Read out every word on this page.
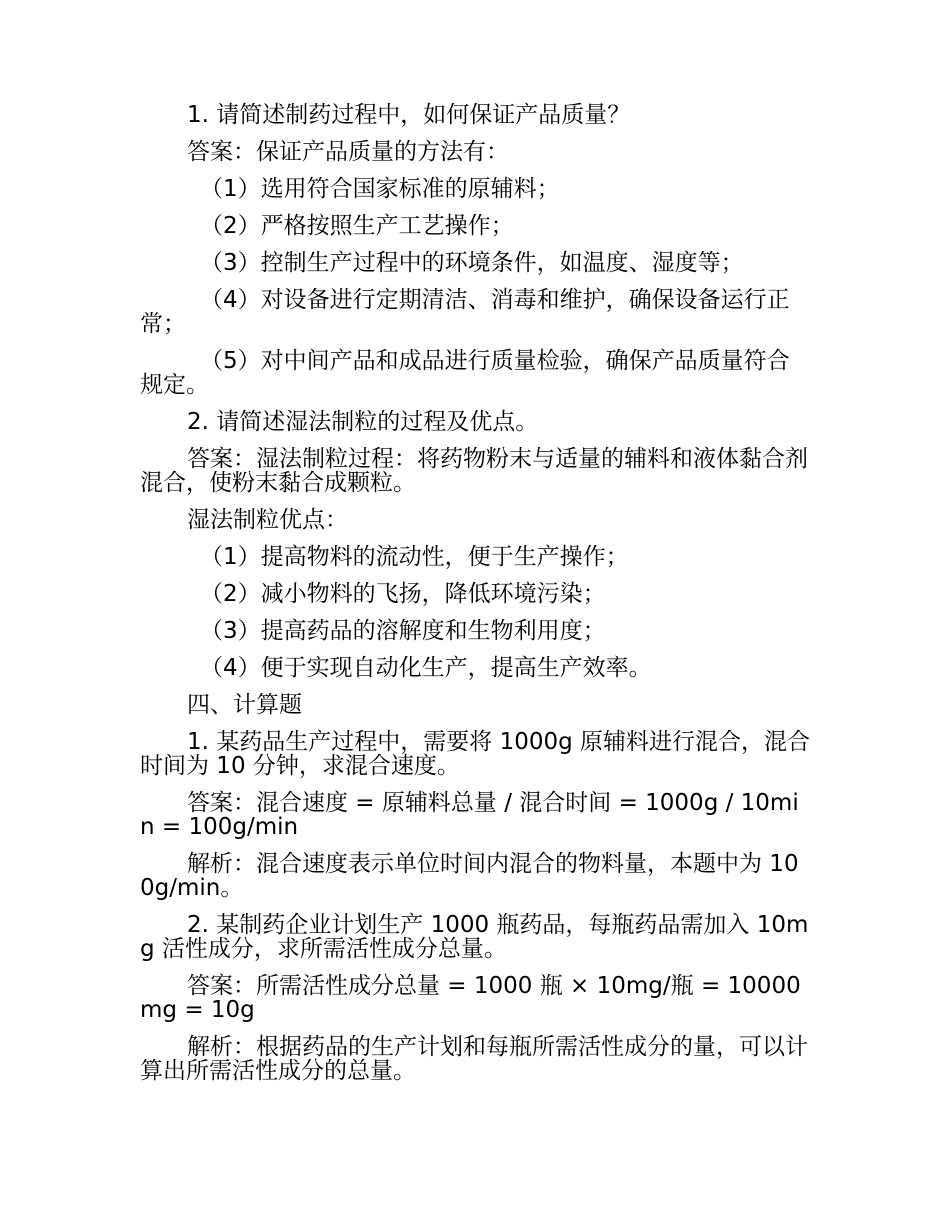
1. 请简述制药过程中，如何保证产品质量？

答案：保证产品质量的方法有：

（1）选用符合国家标准的原辅料；

（2）严格按照生产工艺操作；

（3）控制生产过程中的环境条件，如温度、湿度等；

（4）对设备进行定期清洁、消毒和维护，确保设备运行正常；

（5）对中间产品和成品进行质量检验，确保产品质量符合规定。

2. 请简述湿法制粒的过程及优点。

答案：湿法制粒过程：将药物粉末与适量的辅料和液体黏合剂混合，使粉末黏合成颗粒。

湿法制粒优点：

（1）提高物料的流动性，便于生产操作；

（2）减小物料的飞扬，降低环境污染；

（3）提高药品的溶解度和生物利用度；

（4）便于实现自动化生产，提高生产效率。

四、计算题

1. 某药品生产过程中，需要将 1000g 原辅料进行混合，混合时间为 10 分钟，求混合速度。

答案：混合速度 = 原辅料总量 / 混合时间 = 1000g / 10min = 100g/min

解析：混合速度表示单位时间内混合的物料量，本题中为 100g/min。

2. 某制药企业计划生产 1000 瓶药品，每瓶药品需加入 10mg 活性成分，求所需活性成分总量。

答案：所需活性成分总量 = 1000 瓶 × 10mg/瓶 = 10000mg = 10g

解析：根据药品的生产计划和每瓶所需活性成分的量，可以计算出所需活性成分的总量。
